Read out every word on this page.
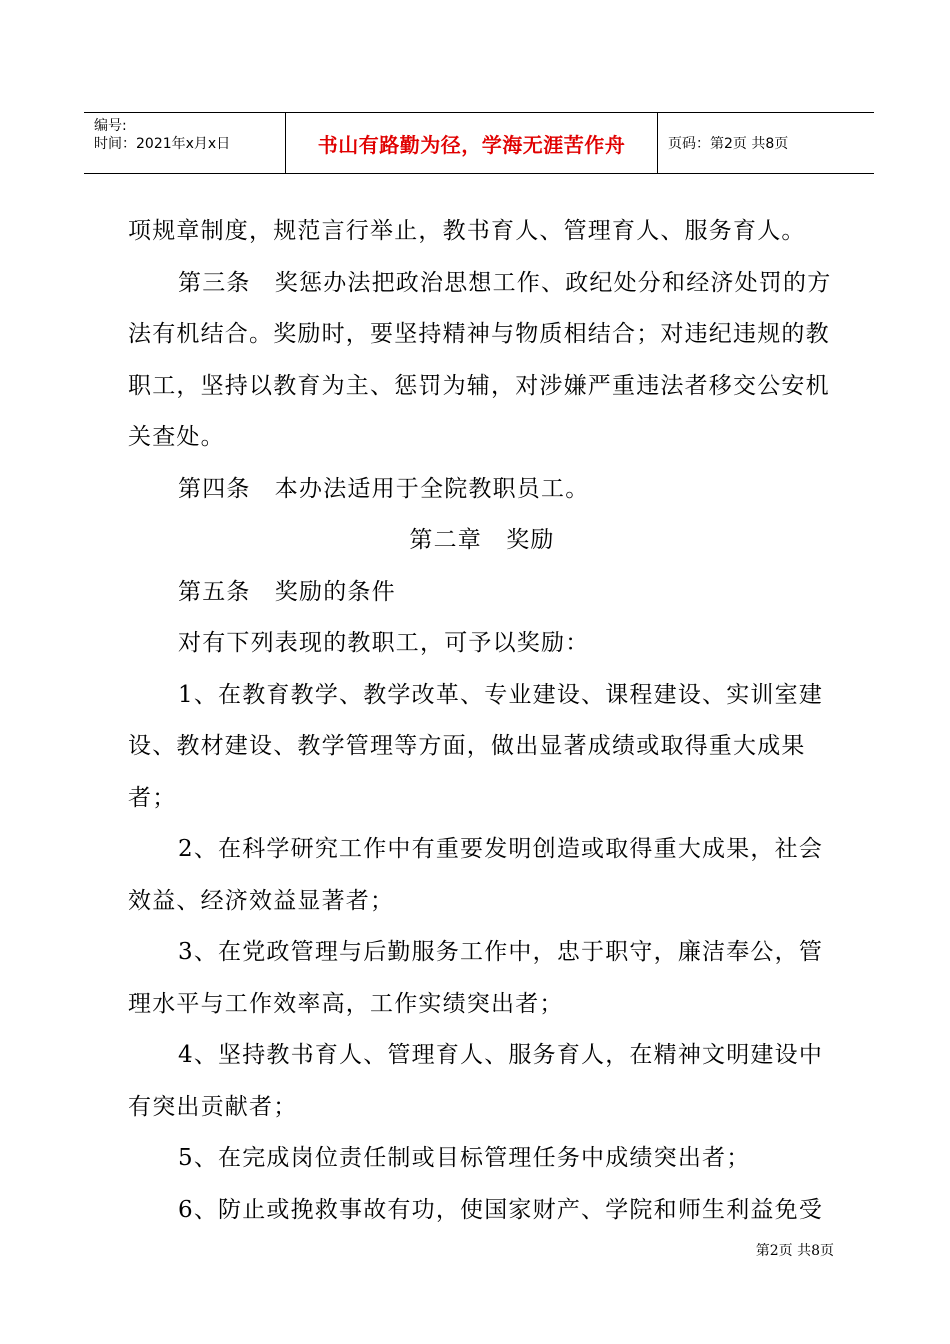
编号:
时间：2021年x月x日	书山有路勤为径，学海无涯苦作舟	页码：第2页 共8页

项规章制度，规范言行举止，教书育人、管理育人、服务育人。

第三条　奖惩办法把政治思想工作、政纪处分和经济处罚的方法有机结合。奖励时，要坚持精神与物质相结合；对违纪违规的教职工，坚持以教育为主、惩罚为辅，对涉嫌严重违法者移交公安机关查处。

第四条　本办法适用于全院教职员工。

第二章　奖励

第五条　奖励的条件

对有下列表现的教职工，可予以奖励：

1、在教育教学、教学改革、专业建设、课程建设、实训室建设、教材建设、教学管理等方面，做出显著成绩或取得重大成果者；

2、在科学研究工作中有重要发明创造或取得重大成果，社会效益、经济效益显著者；

3、在党政管理与后勤服务工作中，忠于职守，廉洁奉公，管理水平与工作效率高，工作实绩突出者；

4、坚持教书育人、管理育人、服务育人，在精神文明建设中有突出贡献者；

5、在完成岗位责任制或目标管理任务中成绩突出者；

6、防止或挽救事故有功，使国家财产、学院和师生利益免受

第2页 共8页
